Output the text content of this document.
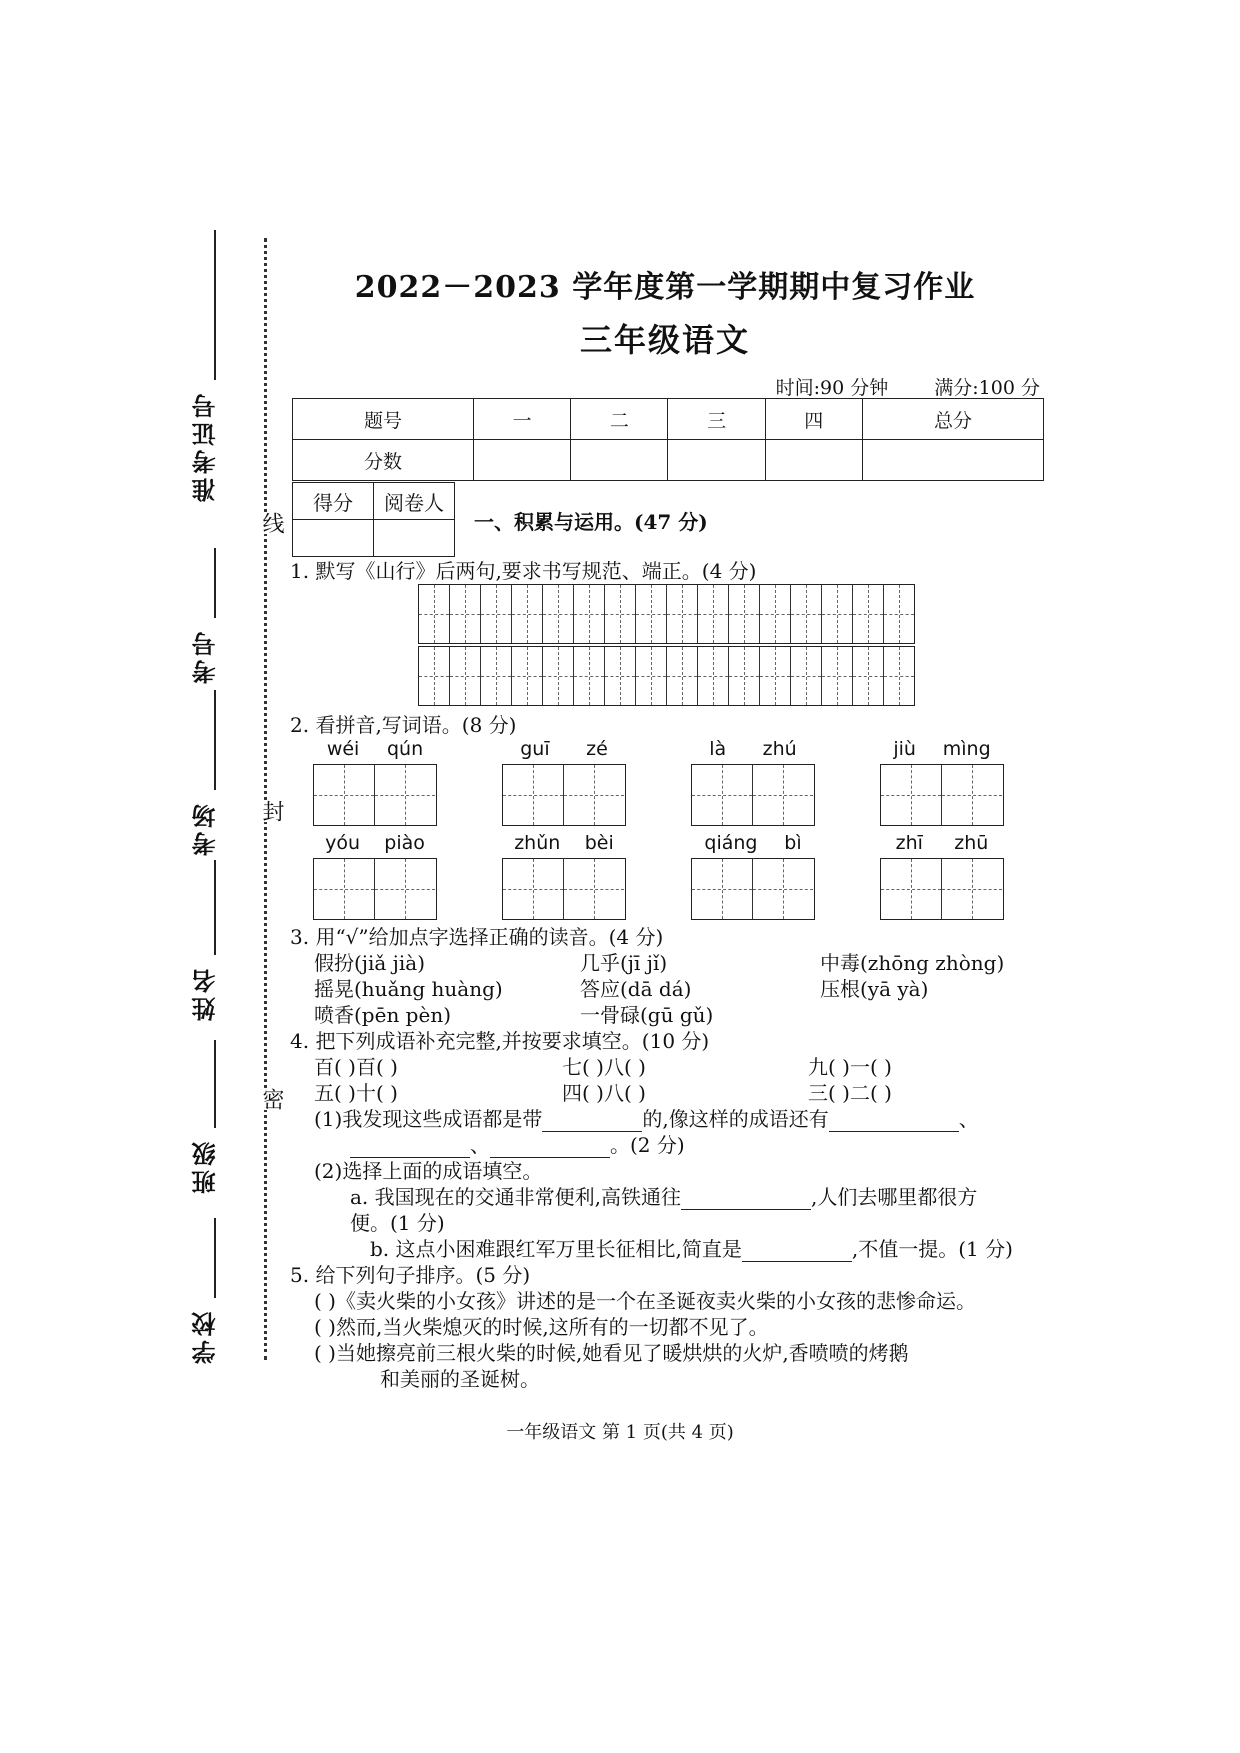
准考证号
考号
考场
姓名
班级
学校
线
封
密
2022－2023 学年度第一学期期中复习作业
三年级语文
时间:90 分钟 满分:100 分
题号	一	二	三	四	总分
分数					
得分	阅卷人

一、积累与运用。(47 分)
1. 默写《山行》后两句,要求书写规范、端正。(4 分)
2. 看拼音,写词语。(8 分)
wéi qún	guī zé	là zhú	jiù mìng
yóu piào	zhǔn bèi	qiáng bì	zhī zhū
3. 用“√”给加点字选择正确的读音。(4 分)
假扮(jiǎ jià)	几乎(jī jǐ)	中毒(zhōng zhòng)
摇晃(huǎng huàng)	答应(dā dá)	压根(yā yà)
喷香(pēn pèn)	一骨碌(gū gǔ)
4. 把下列成语补充完整,并按要求填空。(10 分)
百( )百( )	七( )八( )	九( )一( )
五( )十( )	四( )八( )	三( )二( )
(1)我发现这些成语都是带	的,像这样的成语还有	、
、	。(2 分)
(2)选择上面的成语填空。
a. 我国现在的交通非常便利,高铁通往	,人们去哪里都很方
便。(1 分)
b. 这点小困难跟红军万里长征相比,简直是	,不值一提。(1 分)
5. 给下列句子排序。(5 分)
( )《卖火柴的小女孩》讲述的是一个在圣诞夜卖火柴的小女孩的悲惨命运。
( )然而,当火柴熄灭的时候,这所有的一切都不见了。
( )当她擦亮前三根火柴的时候,她看见了暖烘烘的火炉,香喷喷的烤鹅
和美丽的圣诞树。
一年级语文 第 1 页(共 4 页)
